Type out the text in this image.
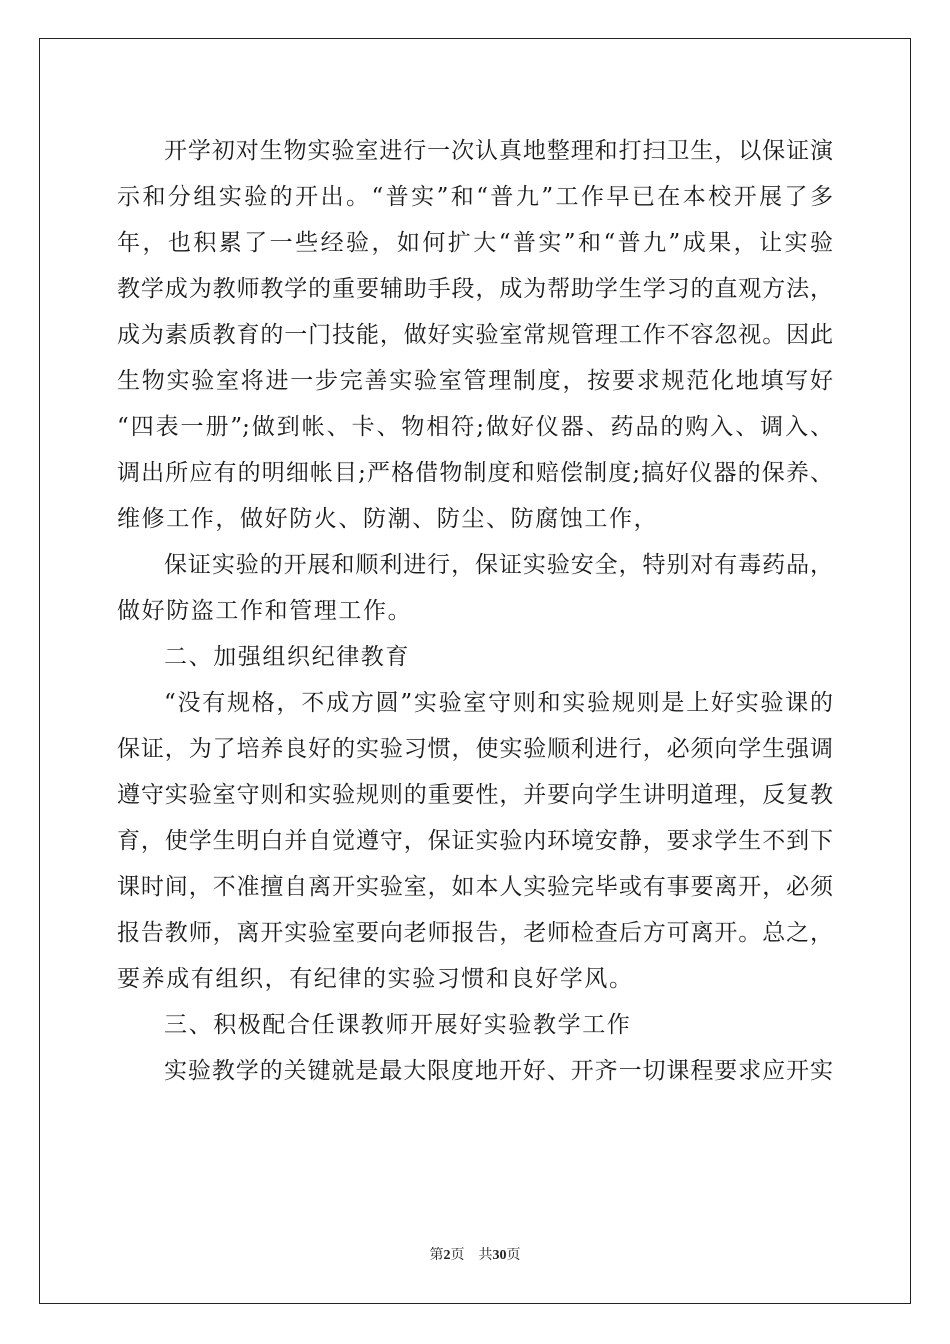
开学初对生物实验室进行一次认真地整理和打扫卫生，以保证演
示和分组实验的开出。“普实”和“普九”工作早已在本校开展了多
年，也积累了一些经验，如何扩大“普实”和“普九”成果，让实验
教学成为教师教学的重要辅助手段，成为帮助学生学习的直观方法，
成为素质教育的一门技能，做好实验室常规管理工作不容忽视。因此
生物实验室将进一步完善实验室管理制度，按要求规范化地填写好
“四表一册”;做到帐、卡、物相符;做好仪器、药品的购入、调入、
调出所应有的明细帐目;严格借物制度和赔偿制度;搞好仪器的保养、
维修工作，做好防火、防潮、防尘、防腐蚀工作，
保证实验的开展和顺利进行，保证实验安全，特别对有毒药品，
做好防盗工作和管理工作。
二、加强组织纪律教育
“没有规格，不成方圆”实验室守则和实验规则是上好实验课的
保证，为了培养良好的实验习惯，使实验顺利进行，必须向学生强调
遵守实验室守则和实验规则的重要性，并要向学生讲明道理，反复教
育，使学生明白并自觉遵守，保证实验内环境安静，要求学生不到下
课时间，不准擅自离开实验室，如本人实验完毕或有事要离开，必须
报告教师，离开实验室要向老师报告，老师检查后方可离开。总之，
要养成有组织，有纪律的实验习惯和良好学风。
三、积极配合任课教师开展好实验教学工作
实验教学的关键就是最大限度地开好、开齐一切课程要求应开实
第2页 共30页
